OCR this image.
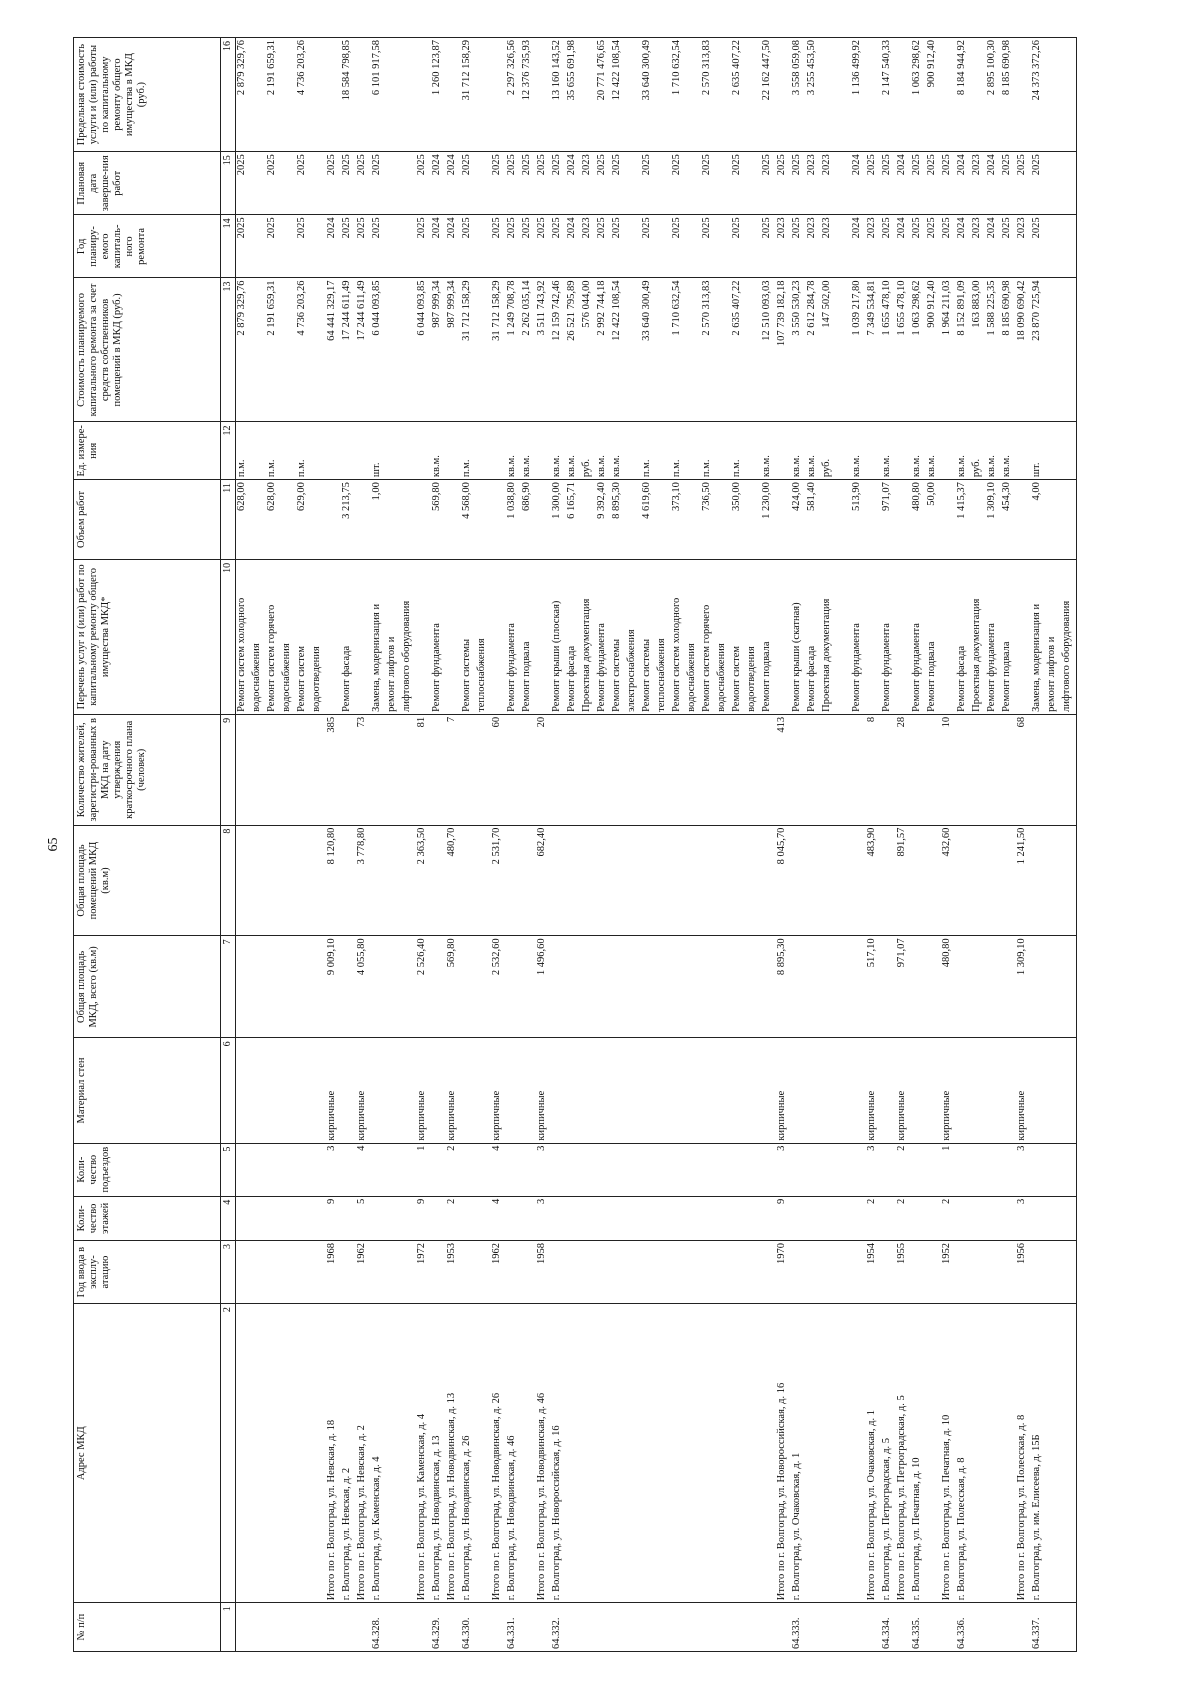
65
№ п/п	Адрес МКД	Год ввода в эксплу-атацию	Коли-чество этажей	Коли-чество подъездов	Материал стен	Общая площадь МКД, всего (кв.м)	Общая площадь помещений МКД (кв.м)	Количество жителей, зарегистри-рованных в МКД на дату утверждения краткосрочного плана (человек)	Перечень услуг и (или) работ по капитальному ремонту общего имущества МКД*	Объем работ	Ед. измере-ния	Стоимость планируемого капитального ремонта за счет средств собственников помещений в МКД (руб.)	Год планиру-емого капиталь-ного ремонта	Плановая дата заверше-ния работ	Предельная стоимость услуги и (или) работы по капитальному ремонту общего имущества в МКД (руб.)
1	2	3	4	5	6	7	8	9	10	11	12	13	14	15	16
									Ремонт систем холодного	628,00	п.м.	2 879 329,76	2025	2025	2 879 329,76
									водоснабжения						
									Ремонт систем горячего	628,00	п.м.	2 191 659,31	2025	2025	2 191 659,31
									водоснабжения						
									Ремонт систем	629,00	п.м.	4 736 203,26	2025	2025	4 736 203,26
									водоотведения						
	Итого по г. Волгоград, ул. Невская, д. 18	1968	9	3	кирпичные	9 009,10	8 120,80	385				64 441 329,17	2024	2025	
	г. Волгоград, ул. Невская, д. 2								Ремонт фасада	3 213,75		17 244 611,49	2025	2025	18 584 798,85
	Итого по г. Волгоград, ул. Невская, д. 2	1962	5	4	кирпичные	4 055,80	3 778,80	73				17 244 611,49	2025	2025	
64.328.	г. Волгоград, ул. Каменская, д. 4								Замена, модернизация и	1,00	шт.	6 044 093,85	2025	2025	6 101 917,58
									ремонт лифтов и						
									лифтового оборудования						
	Итого по г. Волгоград, ул. Каменская, д. 4	1972	9	1	кирпичные	2 526,40	2 363,50	81				6 044 093,85	2025	2025	
64.329.	г. Волгоград, ул. Новодвинская, д. 13								Ремонт фундамента	569,80	кв.м.	987 999,34	2024	2024	1 260 123,87
	Итого по г. Волгоград, ул. Новодвинская, д. 13	1953	2	2	кирпичные	569,80	480,70	7				987 999,34	2024	2024	
64.330.	г. Волгоград, ул. Новодвинская, д. 26								Ремонт системы	4 568,00	п.м.	31 712 158,29	2025	2025	31 712 158,29
									теплоснабжения						
	Итого по г. Волгоград, ул. Новодвинская, д. 26	1962	4	4	кирпичные	2 532,60	2 531,70	60				31 712 158,29	2025	2025	
64.331.	г. Волгоград, ул. Новодвинская, д. 46								Ремонт фундамента	1 038,80	кв.м.	1 249 708,78	2025	2025	2 297 326,56
									Ремонт подвала	686,90	кв.м.	2 262 035,14	2025	2025	12 376 735,93
	Итого по г. Волгоград, ул. Новодвинская, д. 46	1958	3	3	кирпичные	1 496,60	682,40	20				3 511 743,92	2025	2025	
64.332.	г. Волгоград, ул. Новороссийская, д. 16								Ремонт крыши (плоская)	1 300,00	кв.м.	12 159 742,46	2025	2025	13 160 143,52
									Ремонт фасада	6 165,71	кв.м.	26 521 795,89	2024	2024	35 655 691,98
									Проектная документация		руб.	576 044,00	2023	2023	
									Ремонт фундамента	9 392,40	кв.м.	2 992 744,18	2025	2025	20 771 476,65
									Ремонт системы	8 895,30	кв.м.	12 422 108,54	2025	2025	12 422 108,54
									электроснабжения						
									Ремонт системы	4 619,60	п.м.	33 640 300,49	2025	2025	33 640 300,49
									теплоснабжения						
									Ремонт систем холодного	373,10	п.м.	1 710 632,54	2025	2025	1 710 632,54
									водоснабжения						
									Ремонт систем горячего	736,50	п.м.	2 570 313,83	2025	2025	2 570 313,83
									водоснабжения						
									Ремонт систем	350,00	п.м.	2 635 407,22	2025	2025	2 635 407,22
									водоотведения						
									Ремонт подвала	1 230,00	кв.м.	12 510 093,03	2025	2025	22 162 447,50
	Итого по г. Волгоград, ул. Новороссийская, д. 16	1970	9	3	кирпичные	8 895,30	8 045,70	413				107 739 182,18	2023	2025	
64.333.	г. Волгоград, ул. Очаковская, д. 1								Ремонт крыши (скатная)	424,00	кв.м.	3 550 530,23	2025	2025	3 558 059,08
									Ремонт фасада	581,40	кв.м.	2 612 284,78	2023	2023	3 255 453,50
									Проектная документация		руб.	147 502,00	2023	2023	

									Ремонт фундамента	513,90	кв.м.	1 039 217,80	2024	2024	1 136 499,92
	Итого по г. Волгоград, ул. Очаковская, д. 1	1954	2	3	кирпичные	517,10	483,90	8				7 349 534,81	2023	2025	
64.334.	г. Волгоград, ул. Петроградская, д. 5								Ремонт фундамента	971,07	кв.м.	1 655 478,10	2025	2025	2 147 540,33
	Итого по г. Волгоград, ул. Петроградская, д. 5	1955	2	2	кирпичные	971,07	891,57	28				1 655 478,10	2024	2024	
64.335.	г. Волгоград, ул. Печатная, д. 10								Ремонт фундамента	480,80	кв.м.	1 063 298,62	2025	2025	1 063 298,62
									Ремонт подвала	50,00	кв.м.	900 912,40	2025	2025	900 912,40
	Итого по г. Волгоград, ул. Печатная, д. 10	1952	2	1	кирпичные	480,80	432,60	10				1 964 211,03	2025	2025	
64.336.	г. Волгоград, ул. Полесская, д. 8								Ремонт фасада	1 415,37	кв.м.	8 152 891,09	2024	2024	8 184 944,92
									Проектная документация		руб.	163 883,00	2023	2023	
									Ремонт фундамента	1 309,10	кв.м.	1 588 225,35	2024	2024	2 895 100,30
									Ремонт подвала	454,30	кв.м.	8 185 690,98	2025	2025	8 185 690,98
	Итого по г. Волгоград, ул. Полесская, д. 8	1956	3	3	кирпичные	1 309,10	1 241,50	68				18 090 690,42	2023	2025	
64.337.	г. Волгоград, ул. им. Елисеева, д. 15Б								Замена, модернизация и	4,00	шт.	23 870 725,94	2025	2025	24 373 372,26
									ремонт лифтов и						
									лифтового оборудования						
